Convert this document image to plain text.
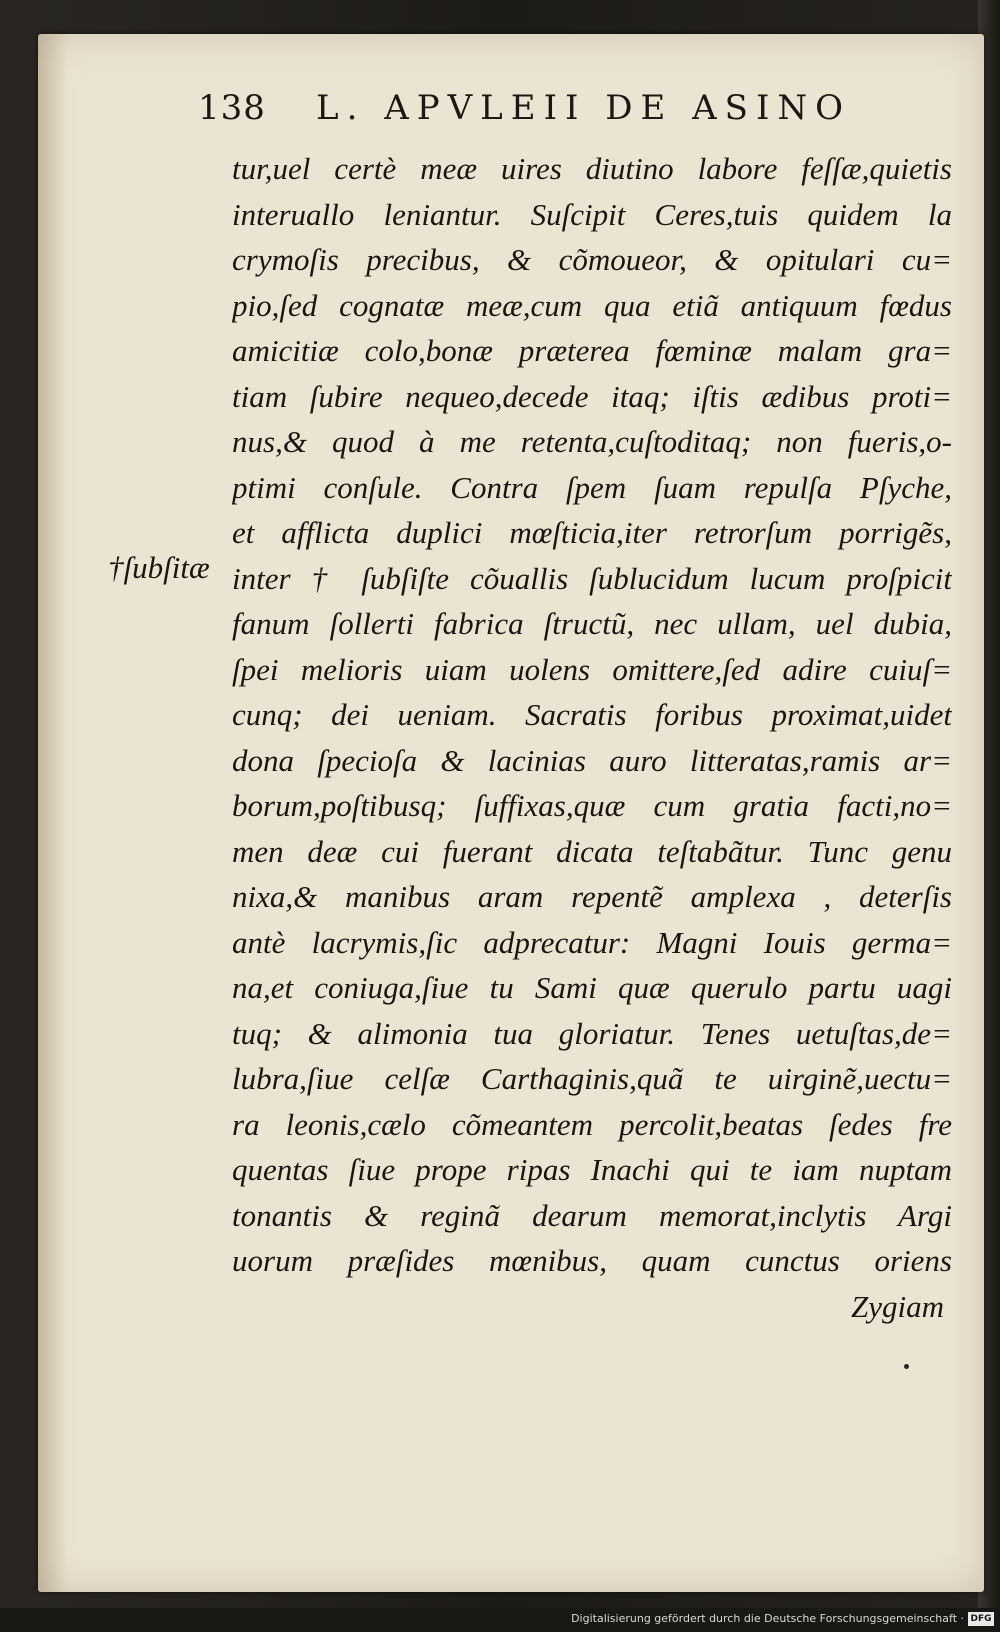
138 L. APVLEII DE ASINO
†ſubſitæ
tur,uel certè meæ uires diutino labore feſſæ,quietis
interuallo leniantur. Suſcipit Ceres,tuis quidem la
crymoſis precibus, & cõmoueor, & opitulari cu=
pio,ſed cognatæ meæ,cum qua etiã antiquum fœdus
amicitiæ colo,bonæ præterea fœminæ malam gra=
tiam ſubire nequeo,decede itaq; iſtis ædibus proti=
nus,& quod à me retenta,cuſtoditaq; non fueris,o-
ptimi conſule. Contra ſpem ſuam repulſa Pſyche,
et afflicta duplici mœſticia,iter retrorſum porrigẽs,
inter † ſubſiſte cõuallis ſublucidum lucum proſpicit
fanum ſollerti fabrica ſtructũ, nec ullam, uel dubia,
ſpei melioris uiam uolens omittere,ſed adire cuiuſ=
cunq; dei ueniam. Sacratis foribus proximat,uidet
dona ſpecioſa & lacinias auro litteratas,ramis ar=
borum,poſtibusq; ſuffixas,quæ cum gratia facti,no=
men deæ cui fuerant dicata teſtabãtur. Tunc genu
nixa,& manibus aram repentẽ amplexa , deterſis
antè lacrymis,ſic adprecatur: Magni Iouis germa=
na,et coniuga,ſiue tu Sami quæ querulo partu uagi
tuq; & alimonia tua gloriatur. Tenes uetuſtas,de=
lubra,ſiue celſæ Carthaginis,quã te uirginẽ,uectu=
ra leonis,cælo cõmeantem percolit,beatas ſedes fre
quentas ſiue prope ripas Inachi qui te iam nuptam
tonantis & reginã dearum memorat,inclytis Argi
uorum præſides mœnibus, quam cunctus oriens
Zygiam
Digitalisierung gefördert durch die Deutsche Forschungsgemeinschaft · DFG
